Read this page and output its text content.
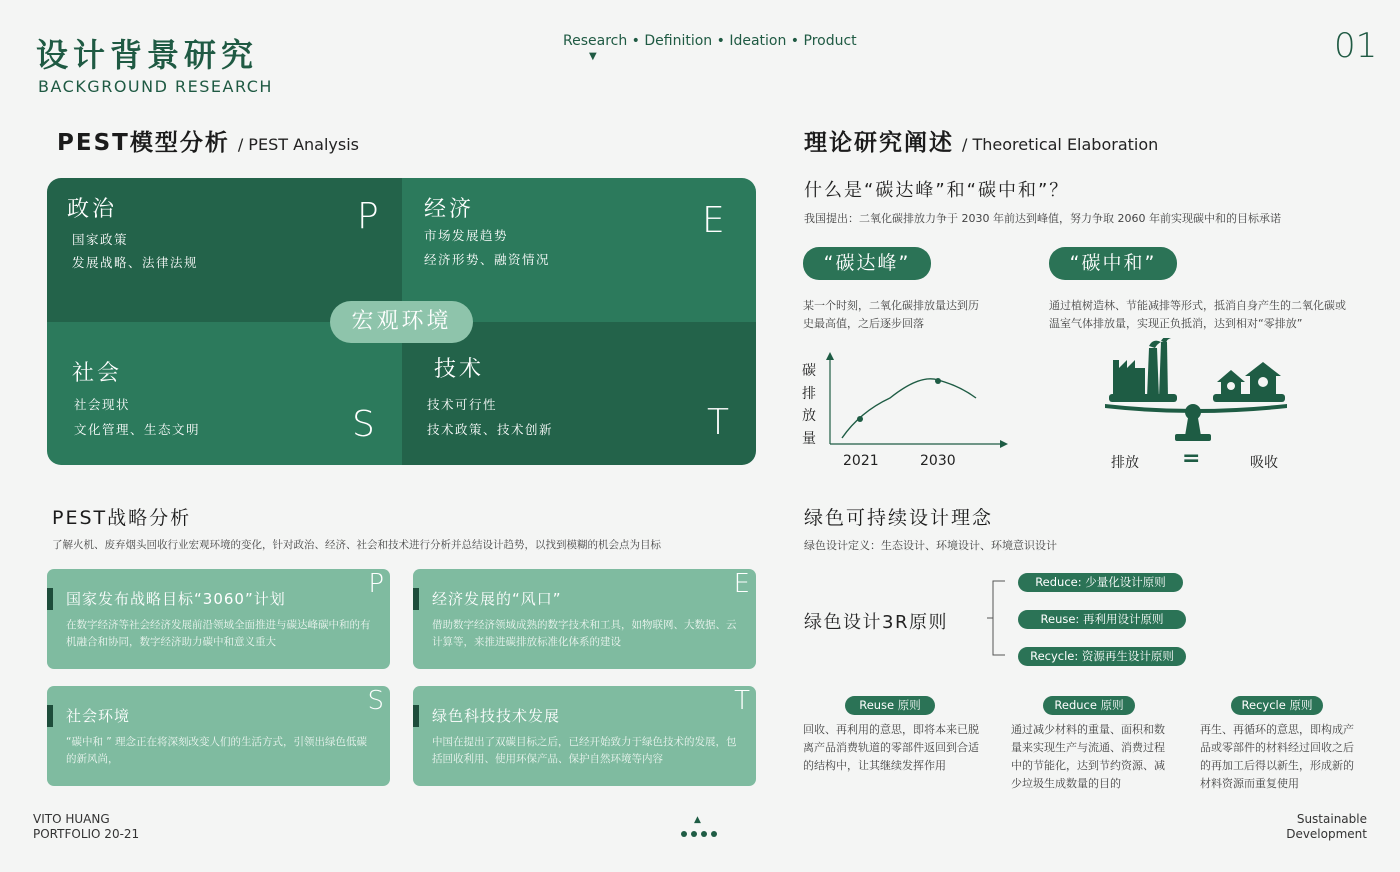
设计背景研究
BACKGROUND RESEARCH
Research • Definition • Ideation • Product
▼	01
PEST模型分析 / PEST Analysis
政治
国家政策
发展战略、法律法规
P 经济
市场发展趋势
经济形势、融资情况
E
社会
社会现状
文化管理、生态文明	S
技术
技术可行性
技术政策、技术创新	T
宏观环境
PEST战略分析
了解火机、废弃烟头回收行业宏观环境的变化，针对政治、经济、社会和技术进行分析并总结设计趋势，以找到模糊的机会点为目标
国家发布战略目标“3060”计划
在数字经济等社会经济发展前沿领域全面推进与碳达峰碳中和的有机融合和协同，数字经济助力碳中和意义重大
P	经济发展的“风口”
借助数字经济领域成熟的数字技术和工具，如物联网、大数据、云计算等，来推进碳排放标准化体系的建设
E
社会环境
“碳中和 ” 理念正在将深刻改变人们的生活方式，引领出绿色低碳的新风尚，
S	绿色科技技术发展
中国在提出了双碳目标之后，已经开始致力于绿色技术的发展，包括回收利用、使用环保产品、保护自然环境等内容
T
理论研究阐述 / Theoretical Elaboration
什么是“碳达峰”和“碳中和”？
我国提出：二氧化碳排放力争于 2030 年前达到峰值，努力争取 2060 年前实现碳中和的目标承诺
“碳达峰”
某一个时刻，二氧化碳排放量达到历史最高值，之后逐步回落
“碳中和”
通过植树造林、节能减排等形式，抵消自身产生的二氧化碳或温室气体排放量，实现正负抵消，达到相对“零排放”
碳排放量
2021	2030	排放 =	吸收
绿色可持续设计理念
绿色设计定义：生态设计、环境设计、环境意识设计
绿色设计3R原则
Reduce: 少量化设计原则
Reuse: 再利用设计原则
Recycle: 资源再生设计原则
Reuse 原则
回收、再利用的意思，即将本来已脱离产品消费轨道的零部件返回到合适的结构中，让其继续发挥作用
Reduce 原则
通过减少材料的重量、面积和数量来实现生产与流通、消费过程中的节能化，达到节约资源、减少垃圾生成数量的目的
Recycle 原则
再生、再循环的意思，即构成产品或零部件的材料经过回收之后的再加工后得以新生，形成新的材料资源而重复使用
VITO HUANG
PORTFOLIO 20-21
▲	Sustainable
Development
